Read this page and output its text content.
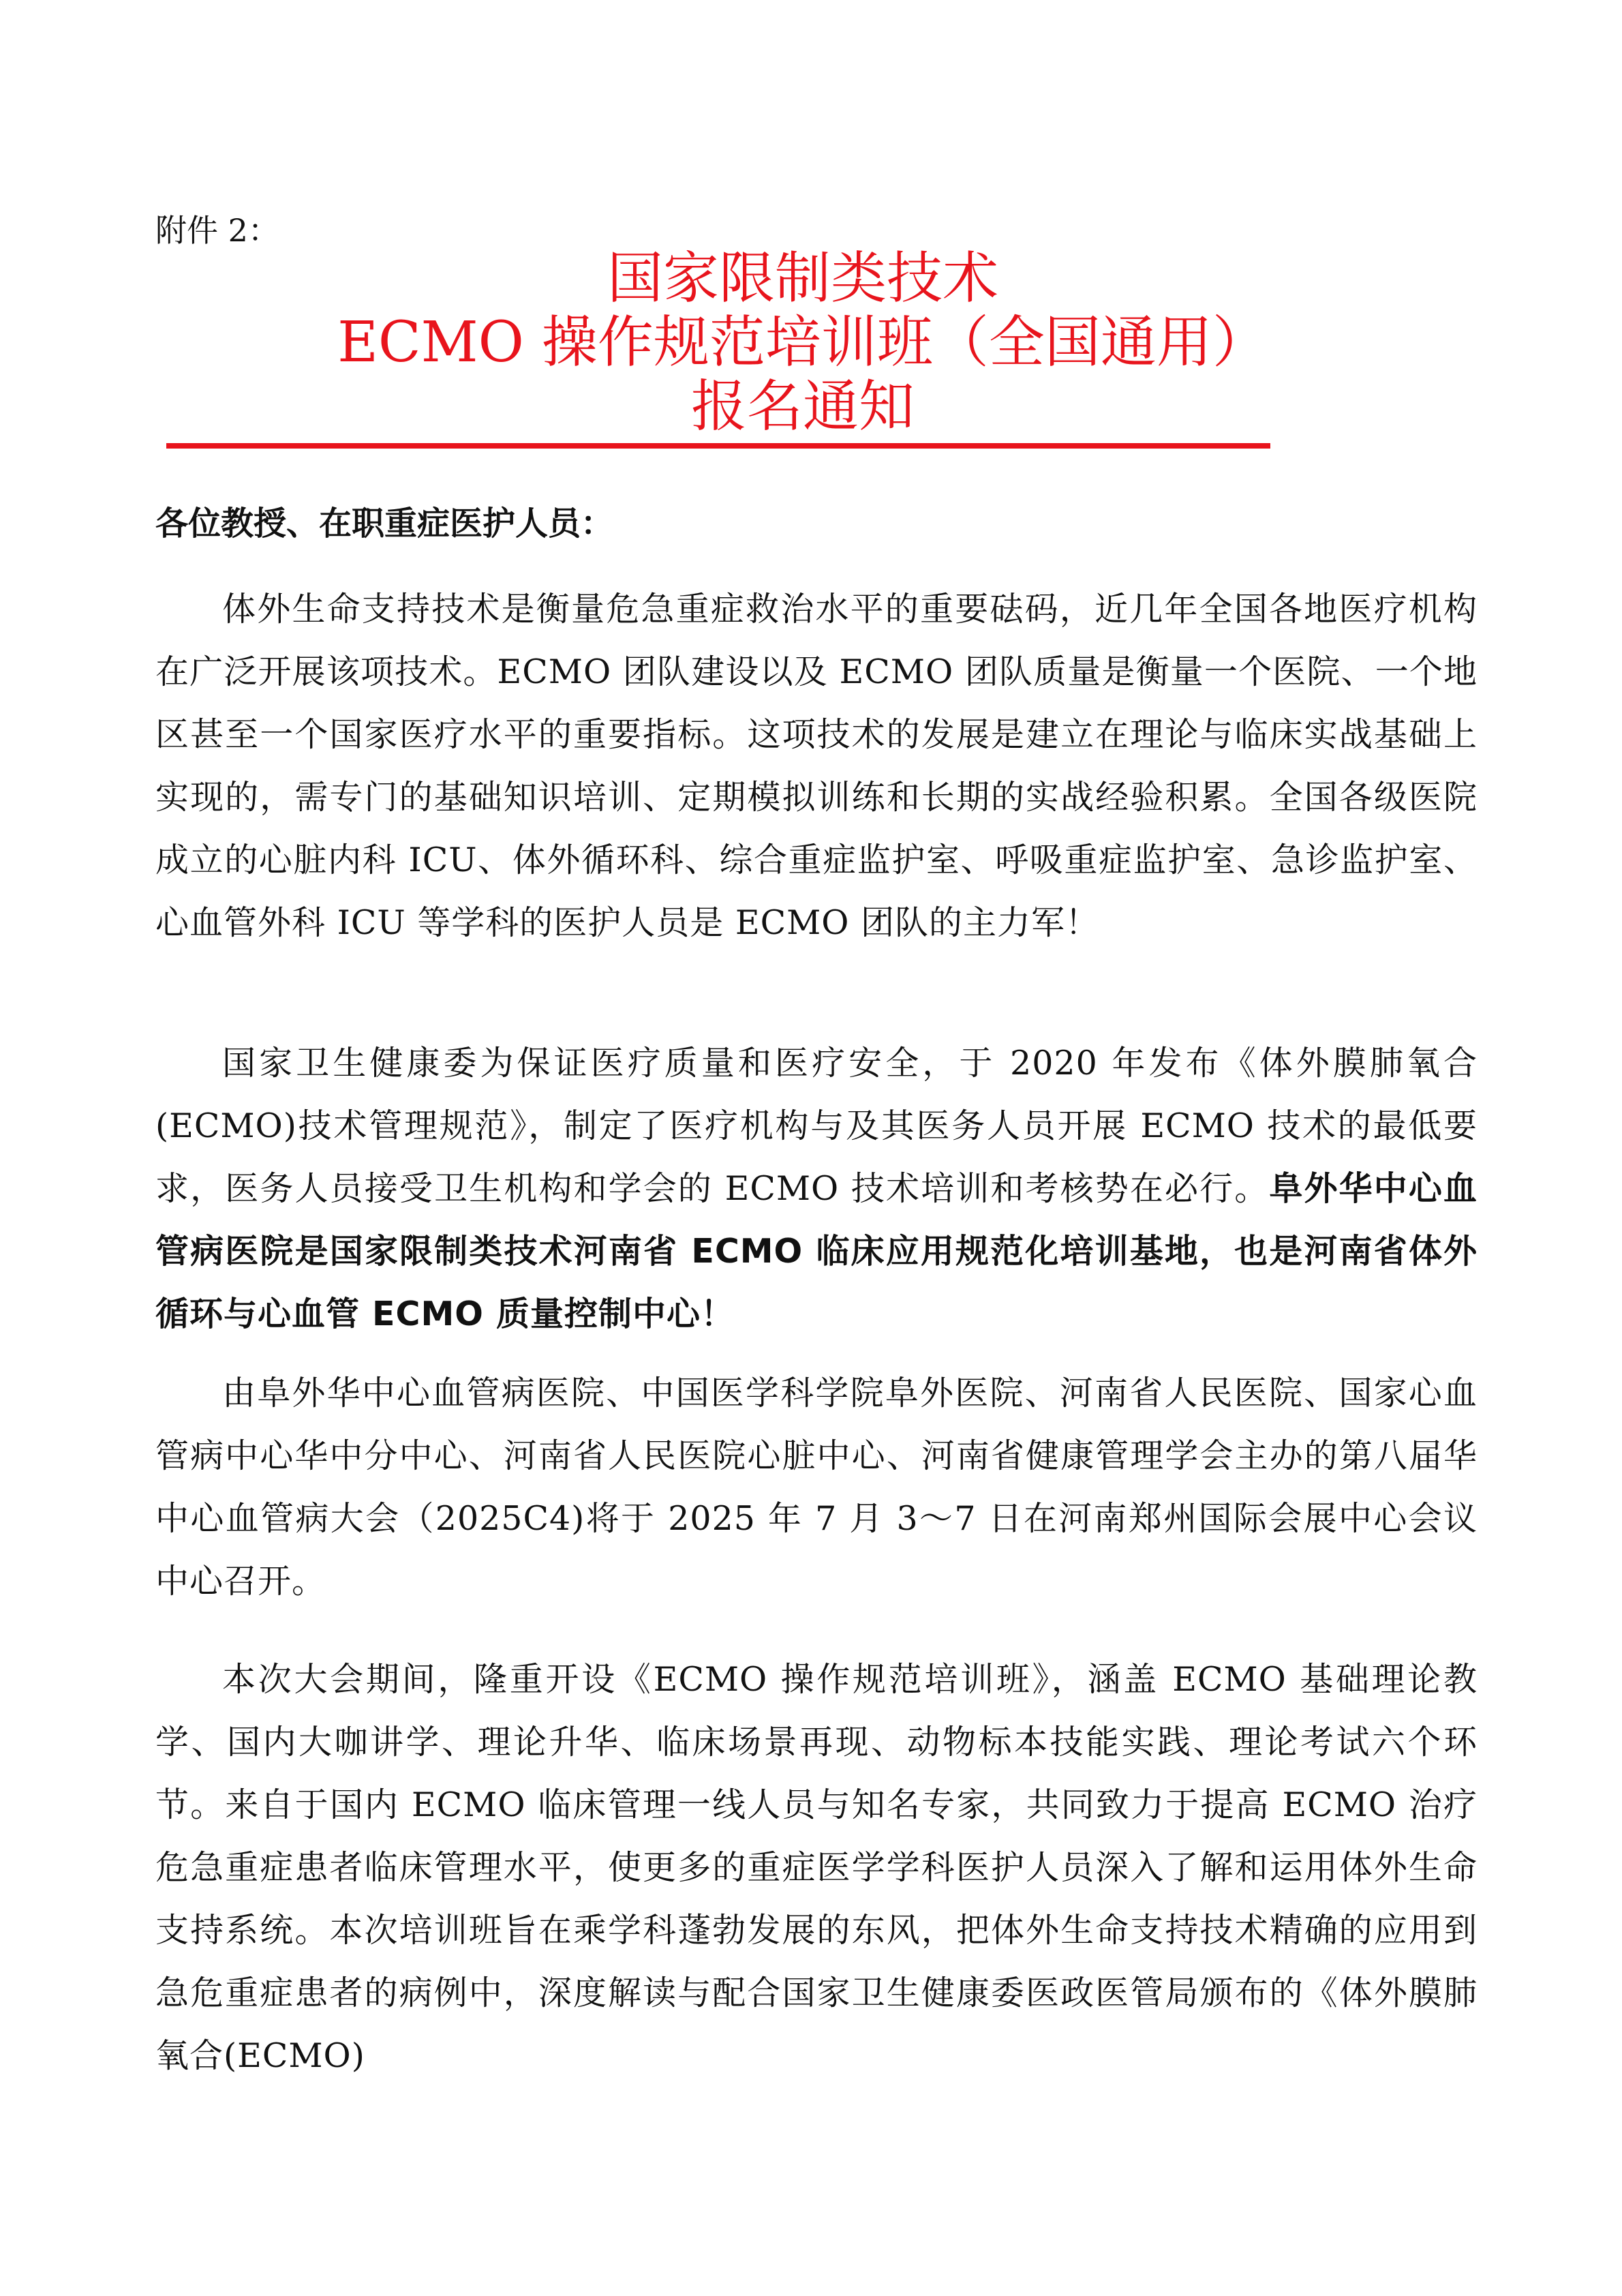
附件 2：
国家限制类技术
ECMO 操作规范培训班（全国通用）
报名通知
各位教授、在职重症医护人员：

体外生命支持技术是衡量危急重症救治水平的重要砝码，近几年全国各地医疗机构在广泛开展该项技术。ECMO 团队建设以及 ECMO 团队质量是衡量一个医院、一个地区甚至一个国家医疗水平的重要指标。这项技术的发展是建立在理论与临床实战基础上实现的，需专门的基础知识培训、定期模拟训练和长期的实战经验积累。全国各级医院成立的心脏内科 ICU、体外循环科、综合重症监护室、呼吸重症监护室、急诊监护室、心血管外科 ICU 等学科的医护人员是 ECMO 团队的主力军！

国家卫生健康委为保证医疗质量和医疗安全，于 2020 年发布《体外膜肺氧合(ECMO)技术管理规范》，制定了医疗机构与及其医务人员开展 ECMO 技术的最低要求，医务人员接受卫生机构和学会的 ECMO 技术培训和考核势在必行。阜外华中心血管病医院是国家限制类技术河南省 ECMO 临床应用规范化培训基地，也是河南省体外循环与心血管 ECMO 质量控制中心！

由阜外华中心血管病医院、中国医学科学院阜外医院、河南省人民医院、国家心血管病中心华中分中心、河南省人民医院心脏中心、河南省健康管理学会主办的第八届华中心血管病大会（2025C4)将于 2025 年 7 月 3～7 日在河南郑州国际会展中心会议中心召开。

本次大会期间，隆重开设《ECMO 操作规范培训班》，涵盖 ECMO 基础理论教学、国内大咖讲学、理论升华、临床场景再现、动物标本技能实践、理论考试六个环节。来自于国内 ECMO 临床管理一线人员与知名专家，共同致力于提高 ECMO 治疗危急重症患者临床管理水平，使更多的重症医学学科医护人员深入了解和运用体外生命支持系统。本次培训班旨在乘学科蓬勃发展的东风，把体外生命支持技术精确的应用到急危重症患者的病例中，深度解读与配合国家卫生健康委医政医管局颁布的《体外膜肺氧合(ECMO)
